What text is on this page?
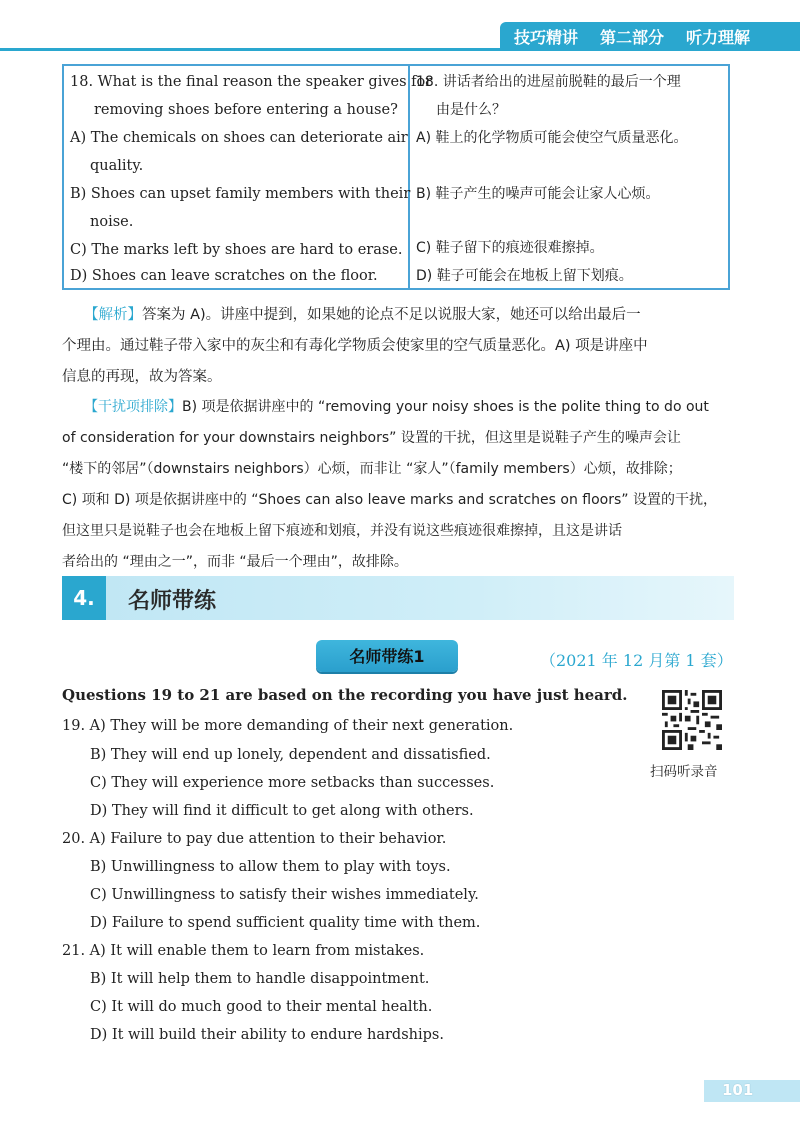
技巧精讲 第二部分 听力理解
18. What is the final reason the speaker gives for
removing shoes before entering a house?
A) The chemicals on shoes can deteriorate air
quality.
B) Shoes can upset family members with their
noise.
C) The marks left by shoes are hard to erase.
D) Shoes can leave scratches on the floor.
18. 讲话者给出的进屋前脱鞋的最后一个理
由是什么？
A) 鞋上的化学物质可能会使空气质量恶化。
B) 鞋子产生的噪声可能会让家人心烦。
C) 鞋子留下的痕迹很难擦掉。
D) 鞋子可能会在地板上留下划痕。
【解析】答案为 A)。讲座中提到，如果她的论点不足以说服大家，她还可以给出最后一
个理由。通过鞋子带入家中的灰尘和有毒化学物质会使家里的空气质量恶化。A) 项是讲座中
信息的再现，故为答案。
【干扰项排除】B) 项是依据讲座中的 “removing your noisy shoes is the polite thing to do out
of consideration for your downstairs neighbors” 设置的干扰，但这里是说鞋子产生的噪声会让
“楼下的邻居”（downstairs neighbors）心烦，而非让 “家人”（family members）心烦，故排除；
C) 项和 D) 项是依据讲座中的 “Shoes can also leave marks and scratches on floors” 设置的干扰，
但这里只是说鞋子也会在地板上留下痕迹和划痕，并没有说这些痕迹很难擦掉，且这是讲话
者给出的 “理由之一”，而非 “最后一个理由”，故排除。
4.	名师带练
名师带练1	（2021 年 12 月第 1 套）
Questions 19 to 21 are based on the recording you have just heard.
扫码听录音
19. A) They will be more demanding of their next generation.
B) They will end up lonely, dependent and dissatisfied.
C) They will experience more setbacks than successes.
D) They will find it difficult to get along with others.
20. A) Failure to pay due attention to their behavior.
B) Unwillingness to allow them to play with toys.
C) Unwillingness to satisfy their wishes immediately.
D) Failure to spend sufficient quality time with them.
21. A) It will enable them to learn from mistakes.
B) It will help them to handle disappointment.
C) It will do much good to their mental health.
D) It will build their ability to endure hardships.
101
